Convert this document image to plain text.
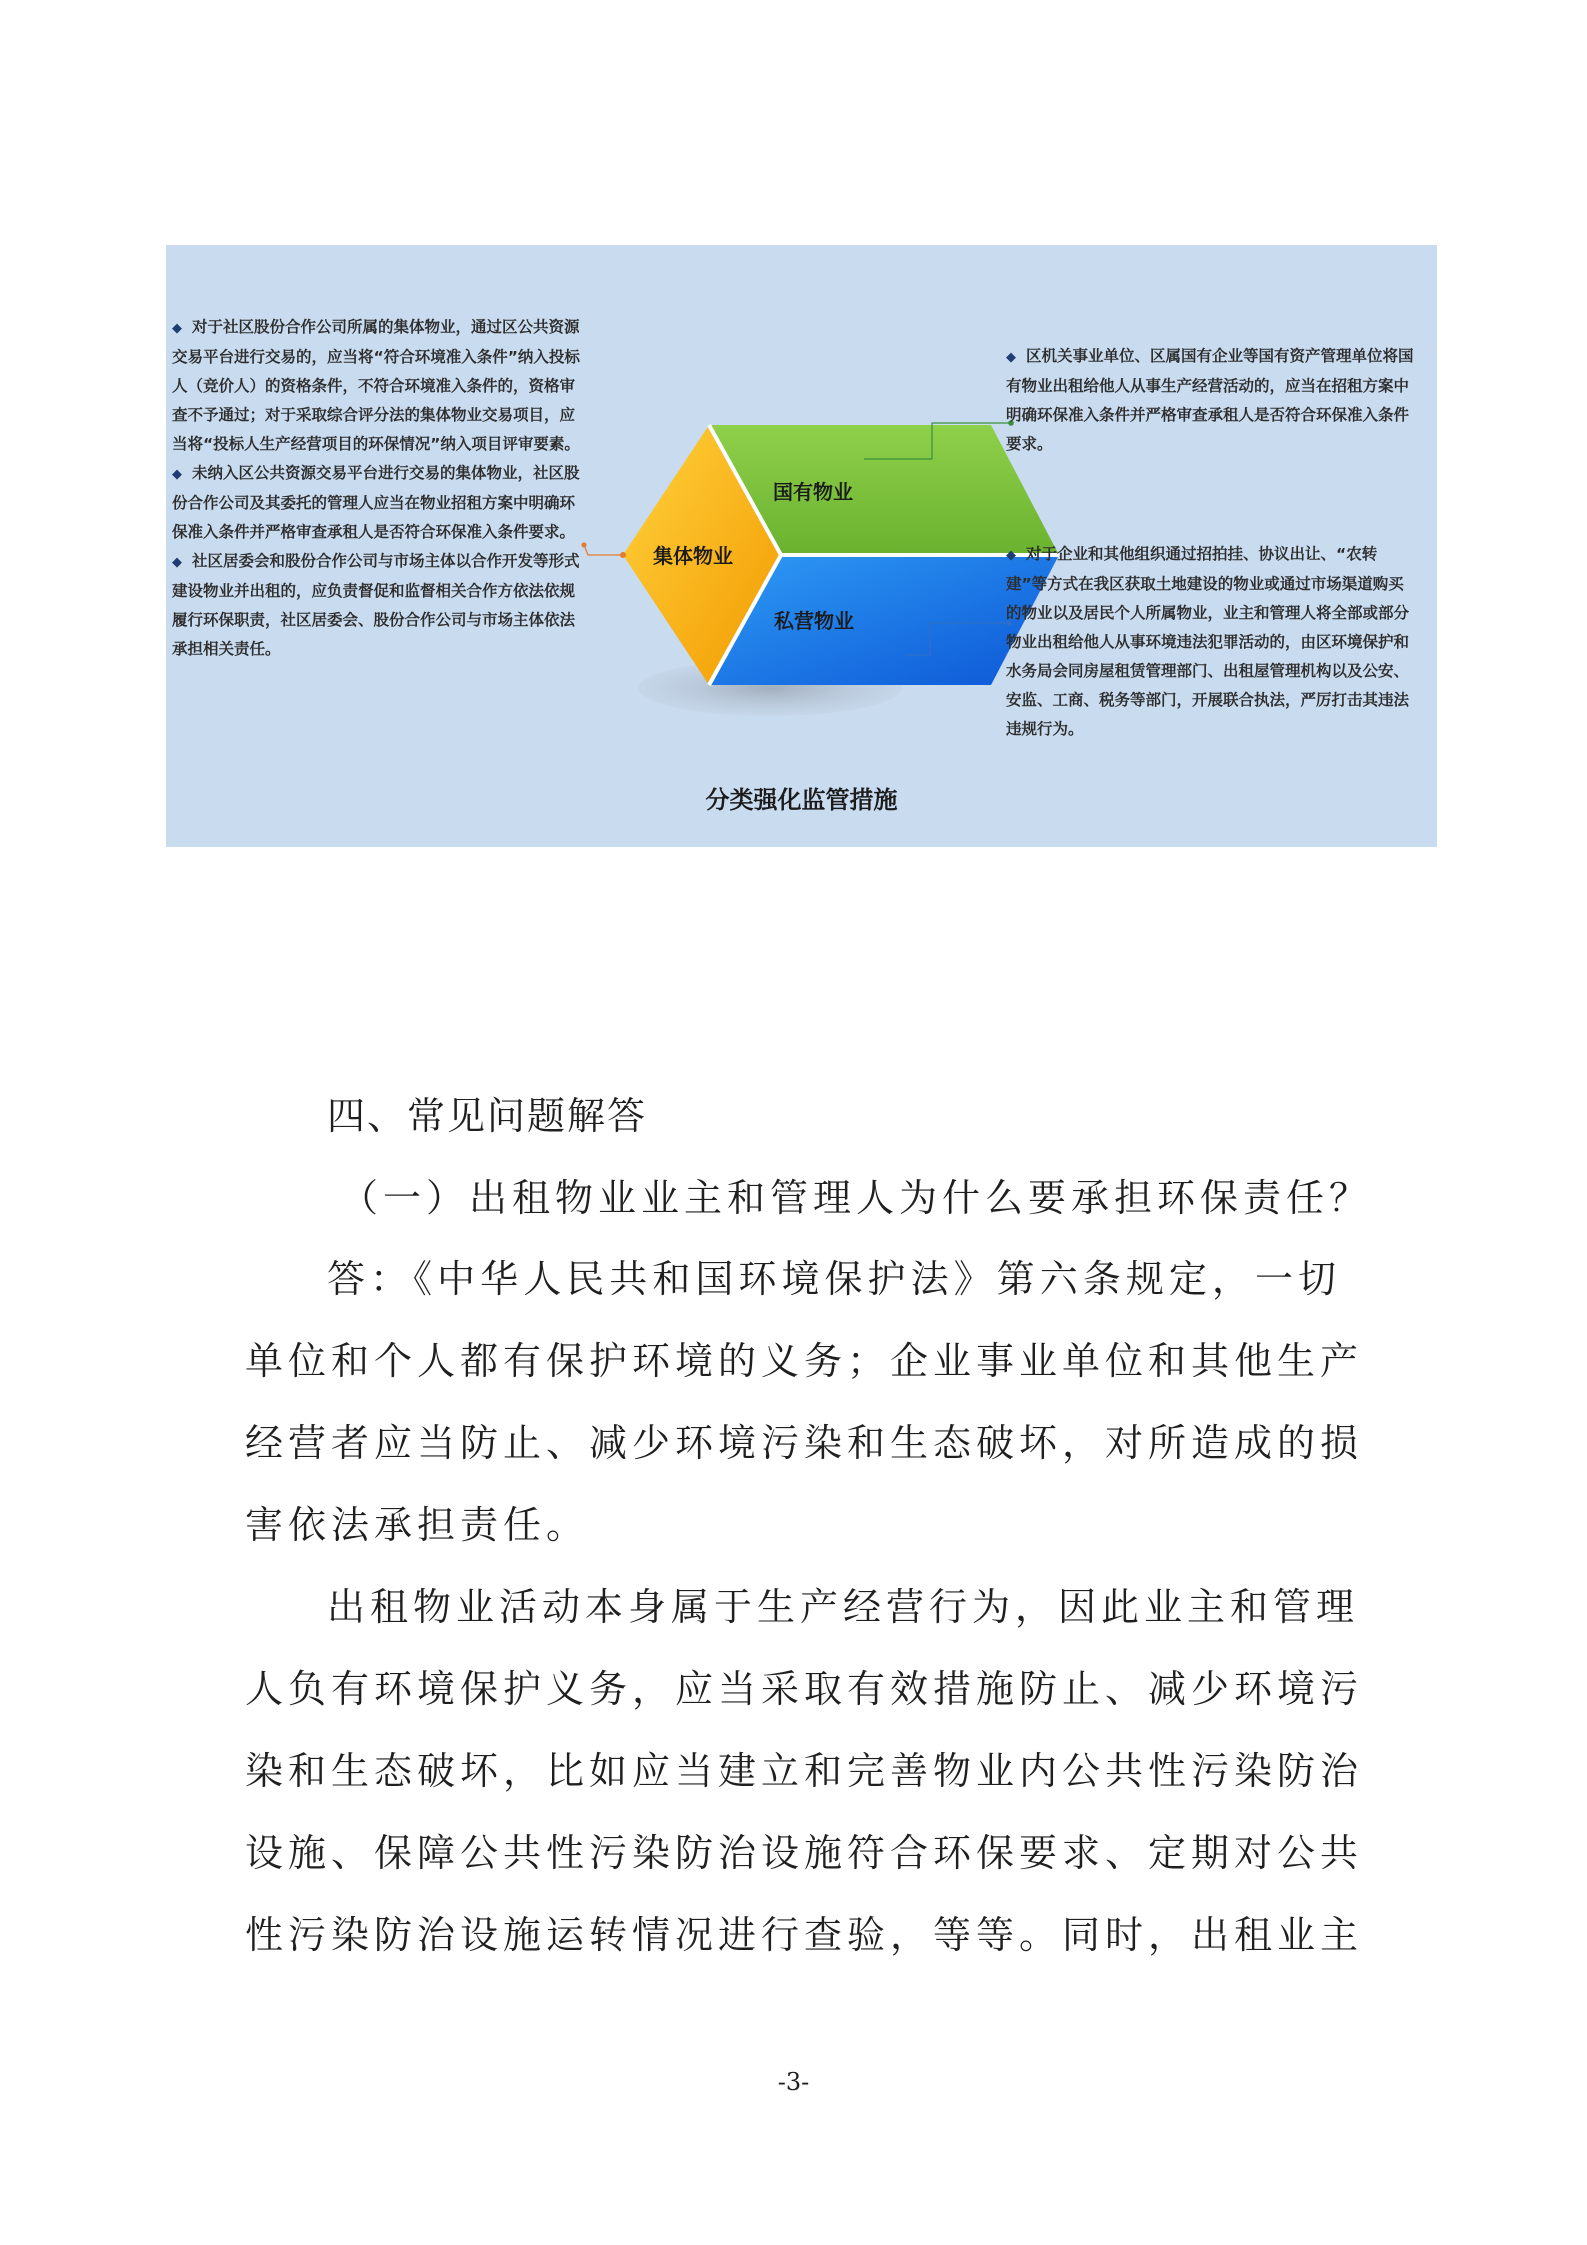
集体物业
国有物业
私营物业

◆ 对于社区股份合作公司所属的集体物业，通过区公共资源交易平台进行交易的，应当将“符合环境准入条件”纳入投标人（竞价人）的资格条件，不符合环境准入条件的，资格审查不予通过；对于采取综合评分法的集体物业交易项目，应当将“投标人生产经营项目的环保情况”纳入项目评审要素。

◆ 未纳入区公共资源交易平台进行交易的集体物业，社区股份合作公司及其委托的管理人应当在物业招租方案中明确环保准入条件并严格审查承租人是否符合环保准入条件要求。

◆ 社区居委会和股份合作公司与市场主体以合作开发等形式建设物业并出租的，应负责督促和监督相关合作方依法依规履行环保职责，社区居委会、股份合作公司与市场主体依法承担相关责任。

◆ 区机关事业单位、区属国有企业等国有资产管理单位将国有物业出租给他人从事生产经营活动的，应当在招租方案中明确环保准入条件并严格审查承租人是否符合环保准入条件要求。

◆ 对于企业和其他组织通过招拍挂、协议出让、“农转建”等方式在我区获取土地建设的物业或通过市场渠道购买的物业以及居民个人所属物业，业主和管理人将全部或部分物业出租给他人从事环境违法犯罪活动的，由区环境保护和水务局会同房屋租赁管理部门、出租屋管理机构以及公安、安监、工商、税务等部门，开展联合执法，严厉打击其违法违规行为。

分类强化监管措施
四、常见问题解答
（一）出租物业业主和管理人为什么要承担环保责任？
答：《中华人民共和国环境保护法》第六条规定，一切
单位和个人都有保护环境的义务；企业事业单位和其他生产
经营者应当防止、减少环境污染和生态破坏，对所造成的损
害依法承担责任。
出租物业活动本身属于生产经营行为，因此业主和管理
人负有环境保护义务，应当采取有效措施防止、减少环境污
染和生态破坏，比如应当建立和完善物业内公共性污染防治
设施、保障公共性污染防治设施符合环保要求、定期对公共
性污染防治设施运转情况进行查验，等等。同时，出租业主
-3-
